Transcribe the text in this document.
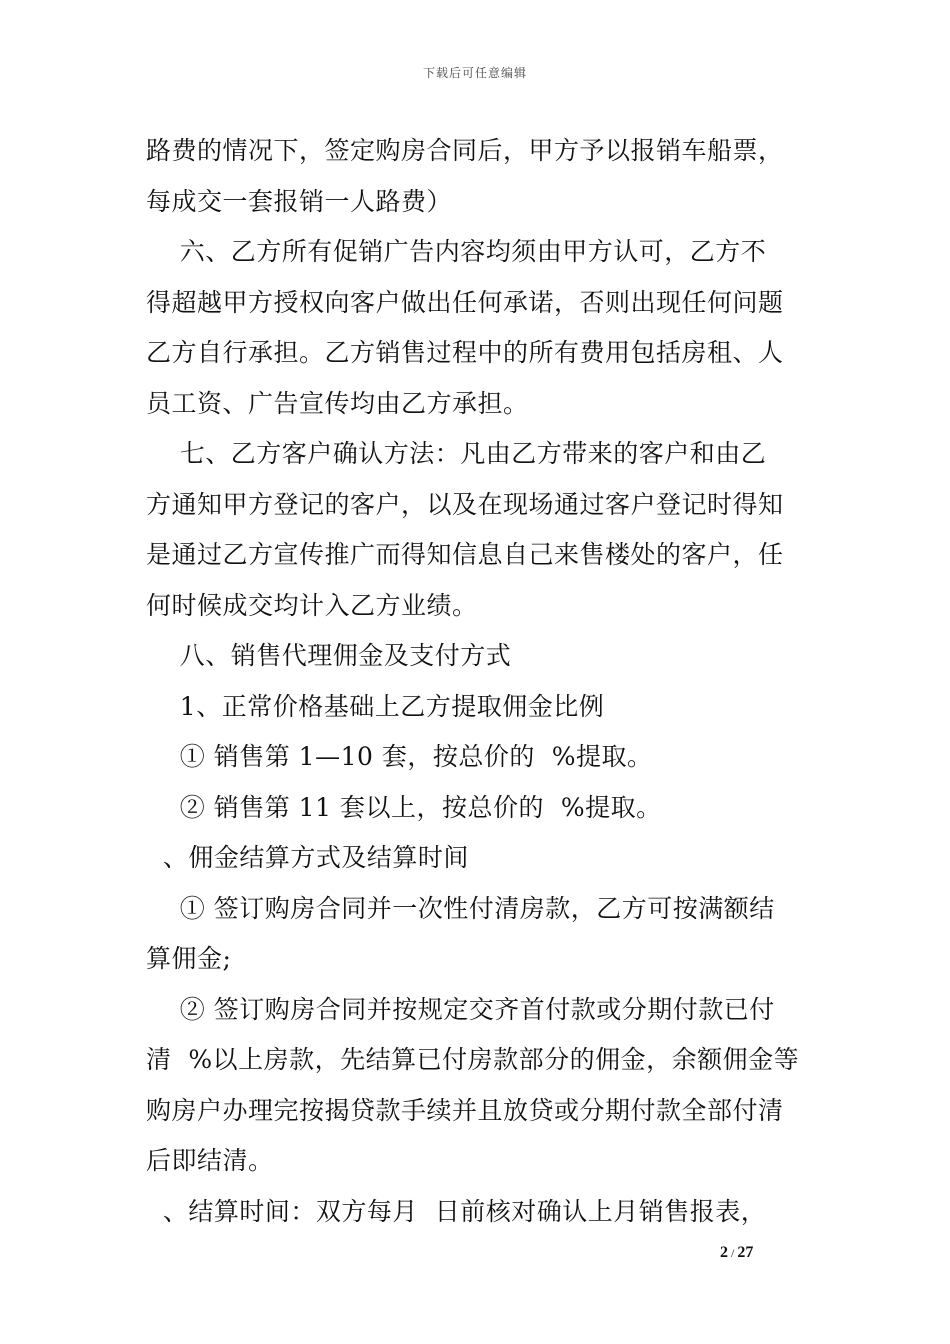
下载后可任意编辑
路费的情况下，签定购房合同后，甲方予以报销车船票，
每成交一套报销一人路费）
六、乙方所有促销广告内容均须由甲方认可，乙方不
得超越甲方授权向客户做出任何承诺，否则出现任何问题
乙方自行承担。乙方销售过程中的所有费用包括房租、人
员工资、广告宣传均由乙方承担。
七、乙方客户确认方法：凡由乙方带来的客户和由乙
方通知甲方登记的客户，以及在现场通过客户登记时得知
是通过乙方宣传推广而得知信息自己来售楼处的客户，任
何时候成交均计入乙方业绩。
八、销售代理佣金及支付方式
1、正常价格基础上乙方提取佣金比例
① 销售第 1—10 套，按总价的  %提取。
② 销售第 11 套以上，按总价的  %提取。
、佣金结算方式及结算时间
① 签订购房合同并一次性付清房款，乙方可按满额结
算佣金;
② 签订购房合同并按规定交齐首付款或分期付款已付
清  %以上房款，先结算已付房款部分的佣金，余额佣金等
购房户办理完按揭贷款手续并且放贷或分期付款全部付清
后即结清。
、结算时间：双方每月  日前核对确认上月销售报表，
2 / 27
